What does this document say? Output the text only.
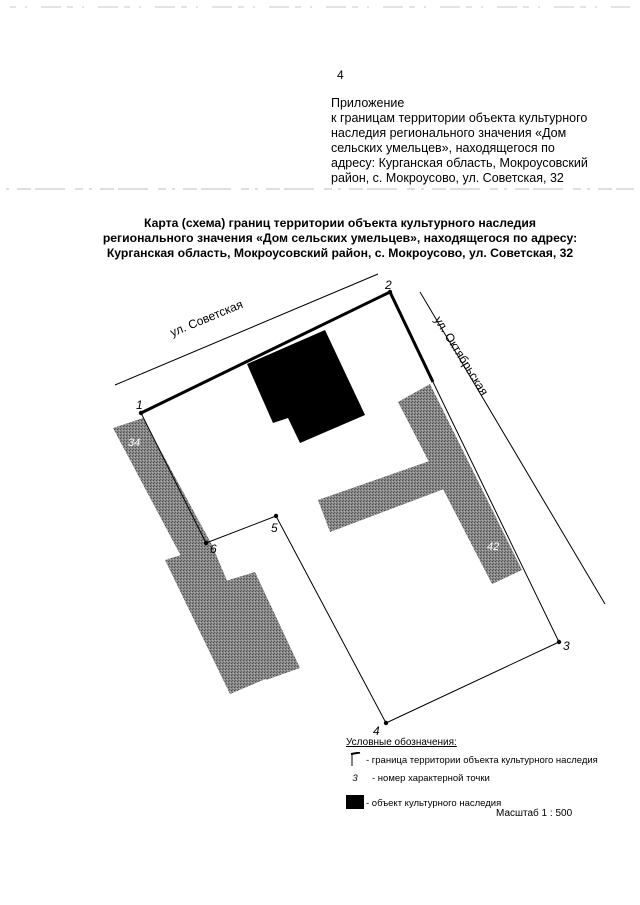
4
Приложение
к границам территории объекта культурного
наследия регионального значения «Дом
сельских умельцев», находящегося по
адресу: Курганская область, Мокроусовский
район, с. Мокроусово, ул. Советская, 32
Карта (схема) границ территории объекта культурного наследия
регионального значения «Дом сельских умельцев», находящегося по адресу:
Курганская область, Мокроусовский район, с. Мокроусово, ул. Советская, 32
ул. Советская	ул. Октябрьская
1
2
3
4
5
6
34
42
Условные обозначения:
- граница территории объекта культурного наследия
3 - номер характерной точки
- объект культурного наследия
Масштаб 1 : 500
